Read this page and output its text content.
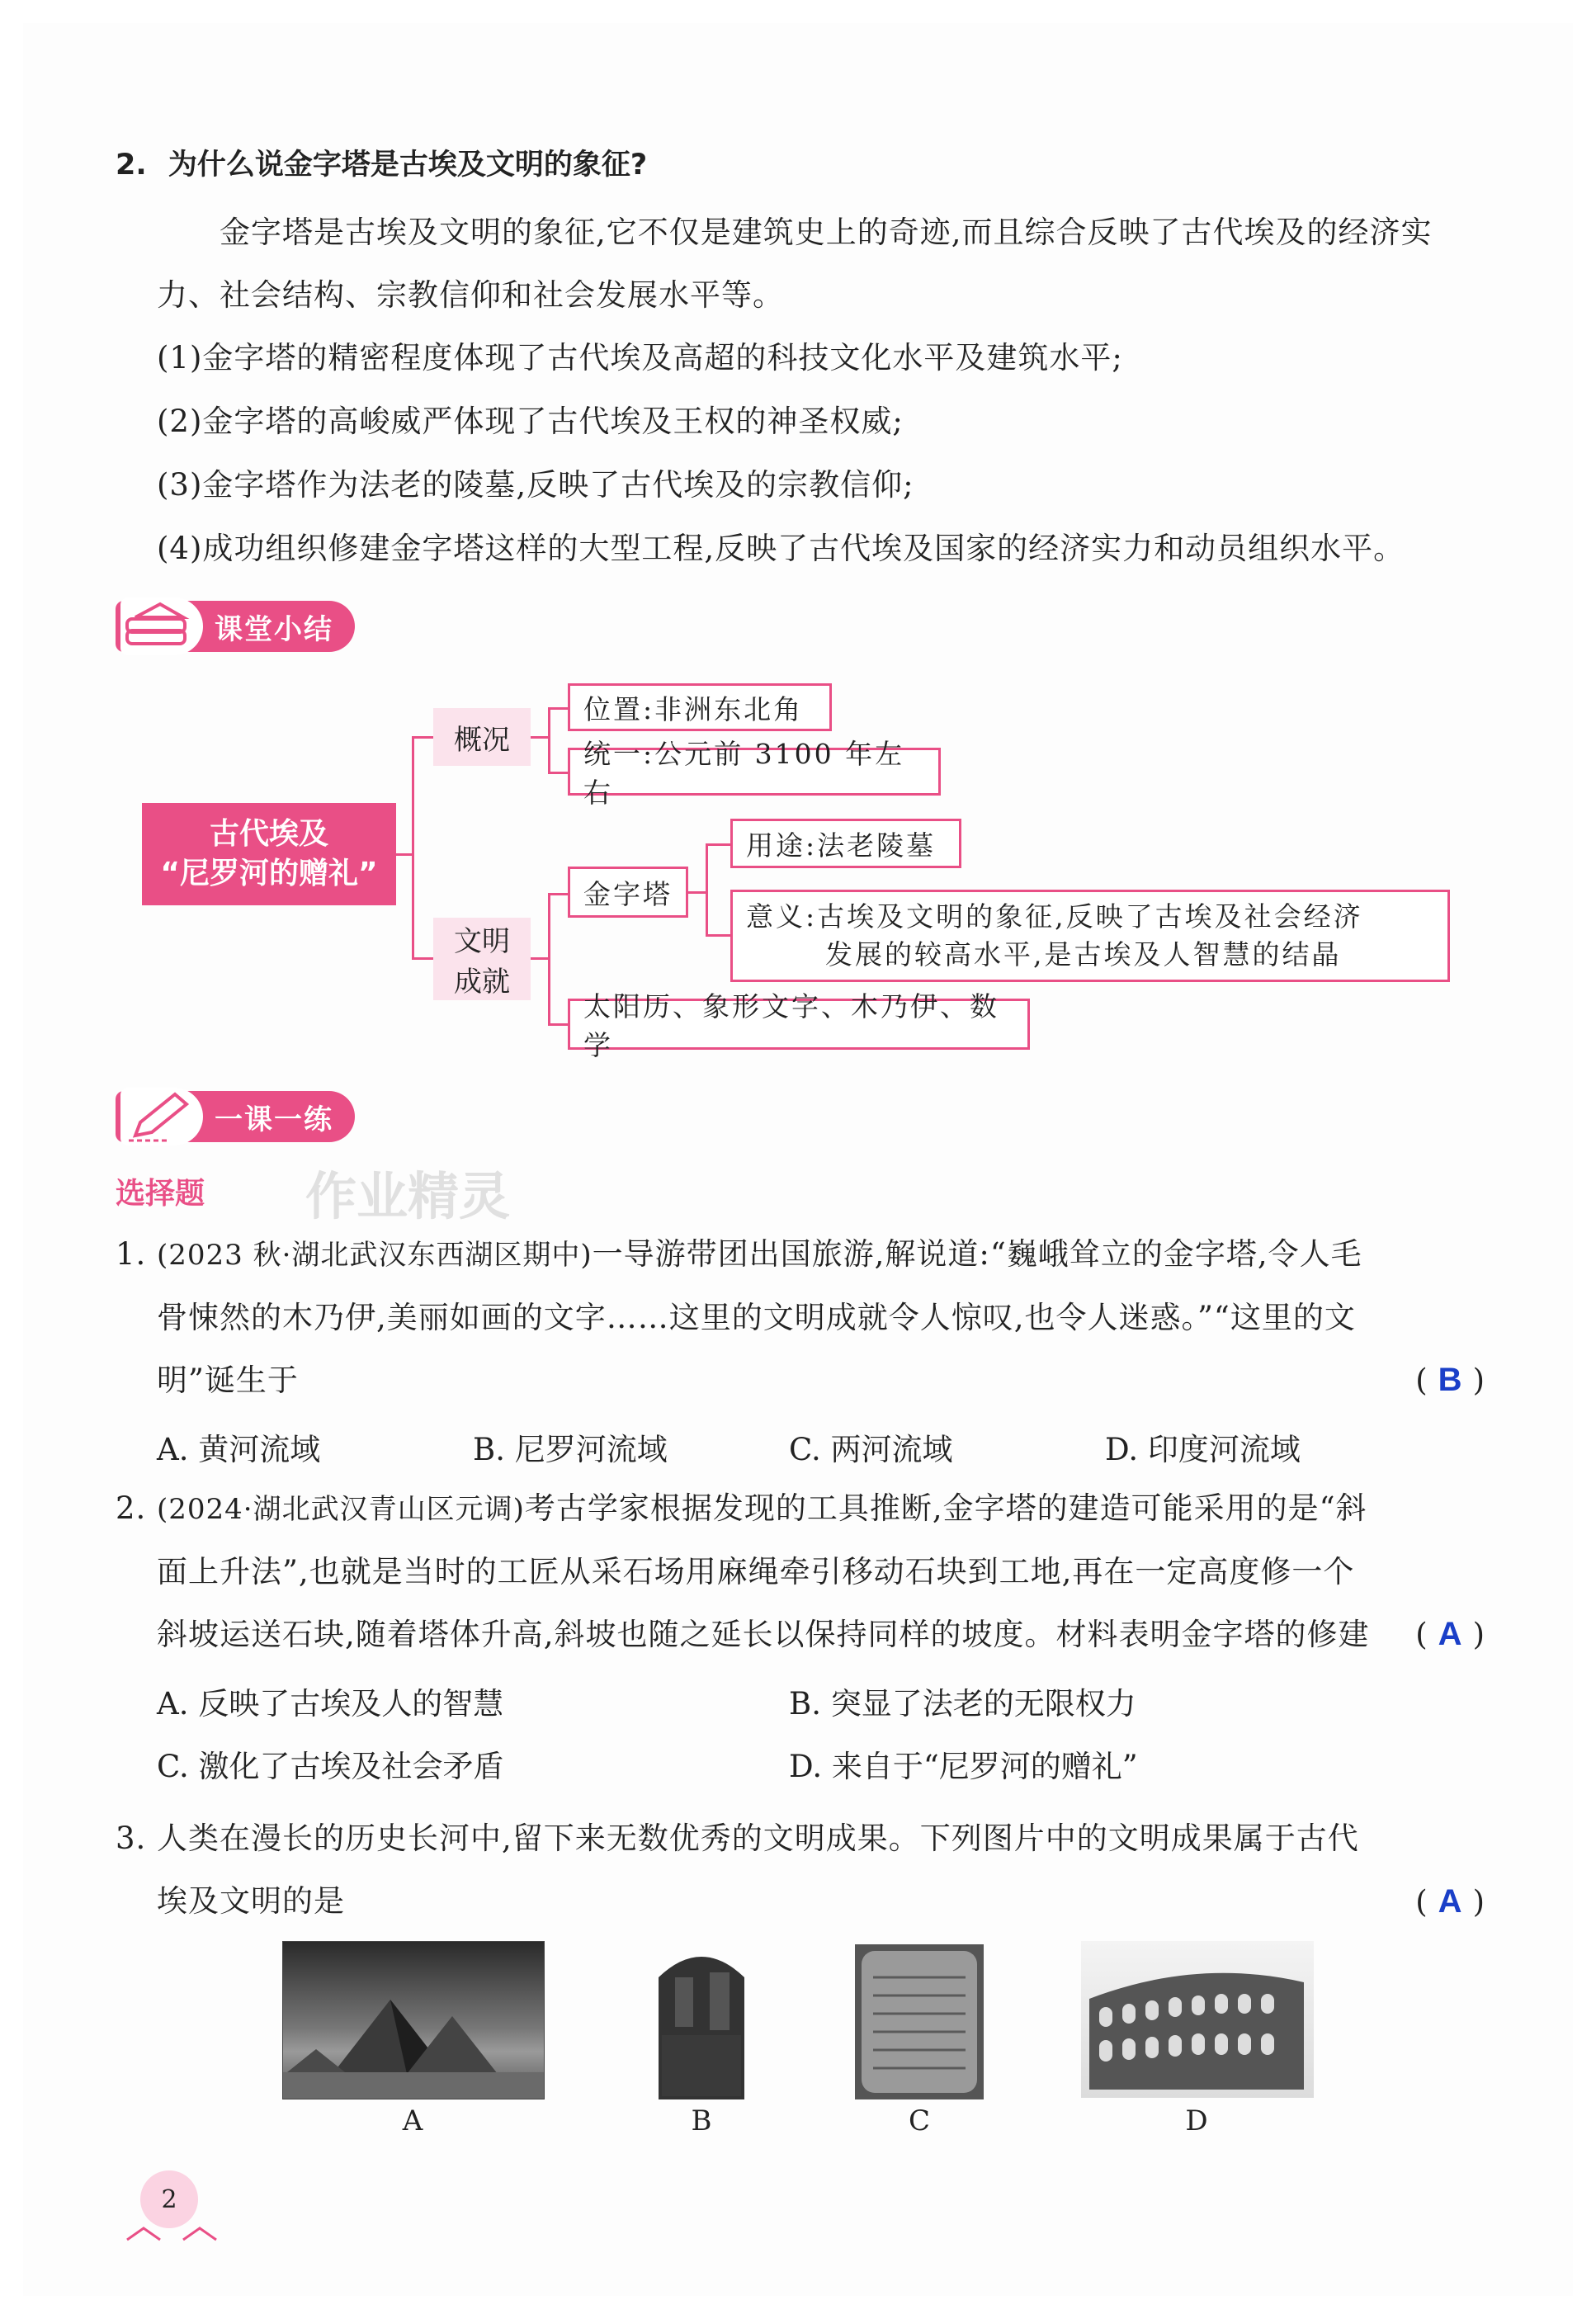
2. 为什么说金字塔是古埃及文明的象征?
金字塔是古埃及文明的象征,它不仅是建筑史上的奇迹,而且综合反映了古代埃及的经济实力、社会结构、宗教信仰和社会发展水平等。
(1)金字塔的精密程度体现了古代埃及高超的科技文化水平及建筑水平;
(2)金字塔的高峻威严体现了古代埃及王权的神圣权威;
(3)金字塔作为法老的陵墓,反映了古代埃及的宗教信仰;
(4)成功组织修建金字塔这样的大型工程,反映了古代埃及国家的经济实力和动员组织水平。
课堂小结
古代埃及
“尼罗河的赠礼”
概况
位置:非洲东北角
统一:公元前 3100 年左右
文明
成就
金字塔
用途:法老陵墓
意义:古埃及文明的象征,反映了古埃及社会经济
发展的较高水平,是古埃及人智慧的结晶
太阳历、象形文字、木乃伊、数学
一课一练
选择题 作业精灵
1. (2023 秋·湖北武汉东西湖区期中)一导游带团出国旅游,解说道:“巍峨耸立的金字塔,令人毛骨悚然的木乃伊,美丽如画的文字……这里的文明成就令人惊叹,也令人迷惑。”“这里的文明”诞生于	( B )
A. 黄河流域	B. 尼罗河流域	C. 两河流域	D. 印度河流域
2. (2024·湖北武汉青山区元调)考古学家根据发现的工具推断,金字塔的建造可能采用的是“斜面上升法”,也就是当时的工匠从采石场用麻绳牵引移动石块到工地,再在一定高度修一个斜坡运送石块,随着塔体升高,斜坡也随之延长以保持同样的坡度。材料表明金字塔的修建	( A )
A. 反映了古埃及人的智慧	B. 突显了法老的无限权力
C. 激化了古埃及社会矛盾	D. 来自于“尼罗河的赠礼”
3. 人类在漫长的历史长河中,留下来无数优秀的文明成果。下列图片中的文明成果属于古代埃及文明的是	( A )
A	B	C	D
2
